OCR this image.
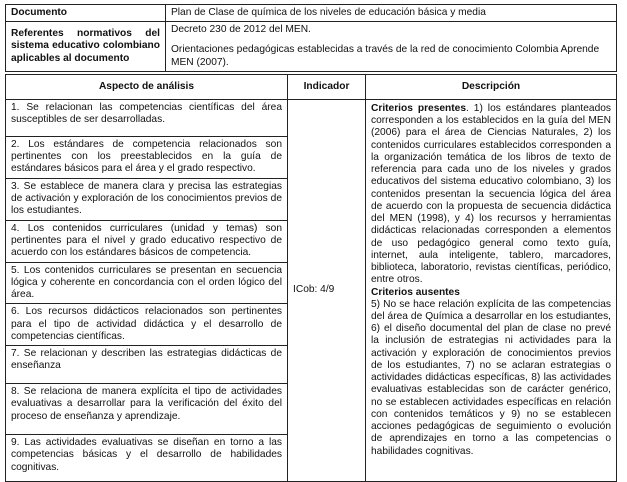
Documento	Plan de Clase de química de los niveles de educación básica y media
Referentes normativos del sistema educativo colombiano aplicables al documento	Decreto 230 de 2012 del MEN.
Orientaciones pedagógicas establecidas a través de la red de conocimiento Colombia Aprende MEN (2007).
Aspecto de análisis	Indicador	Descripción
1. Se relacionan las competencias científicas del área susceptibles de ser desarrolladas.	ICob: 4/9	Criterios presentes. 1) los estándares planteados corresponden a los establecidos en la guía del MEN (2006) para el área de Ciencias Naturales, 2) los contenidos curriculares establecidos corresponden a la organización temática de los libros de texto de referencia para cada uno de los niveles y grados educativos del sistema educativo colombiano, 3) los contenidos presentan la secuencia lógica del área de acuerdo con la propuesta de secuencia didáctica del MEN (1998), y 4) los recursos y herramientas didácticas relacionadas corresponden a elementos de uso pedagógico general como texto guía, internet, aula inteligente, tablero, marcadores, biblioteca, laboratorio, revistas científicas, periódico, entre otros.

Criterios ausentes

5) No se hace relación explícita de las competencias del área de Química a desarrollar en los estudiantes, 6) el diseño documental del plan de clase no prevé la inclusión de estrategias ni actividades para la activación y exploración de conocimientos previos de los estudiantes, 7) no se aclaran estrategias o actividades didácticas específicas, 8) las actividades evaluativas establecidas son de carácter genérico, no se establecen actividades específicas en relación con contenidos temáticos y 9) no se establecen acciones pedagógicas de seguimiento o evolución de aprendizajes en torno a las competencias o habilidades cognitivas.

2. Los estándares de competencia relacionados son pertinentes con los preestablecidos en la guía de estándares básicos para el área y el grado respectivo.		
3. Se establece de manera clara y precisa las estrategias de activación y exploración de los conocimientos previos de los estudiantes.		
4. Los contenidos curriculares (unidad y temas) son pertinentes para el nivel y grado educativo respectivo de acuerdo con los estándares básicos de competencia.		
5. Los contenidos curriculares se presentan en secuencia lógica y coherente en concordancia con el orden lógico del área.		
6. Los recursos didácticos relacionados son pertinentes para el tipo de actividad didáctica y el desarrollo de competencias científicas.		
7. Se relacionan y describen las estrategias didácticas de enseñanza		
8. Se relaciona de manera explícita el tipo de actividades evaluativas a desarrollar para la verificación del éxito del proceso de enseñanza y aprendizaje.		
9. Las actividades evaluativas se diseñan en torno a las competencias básicas y el desarrollo de habilidades cognitivas.		
